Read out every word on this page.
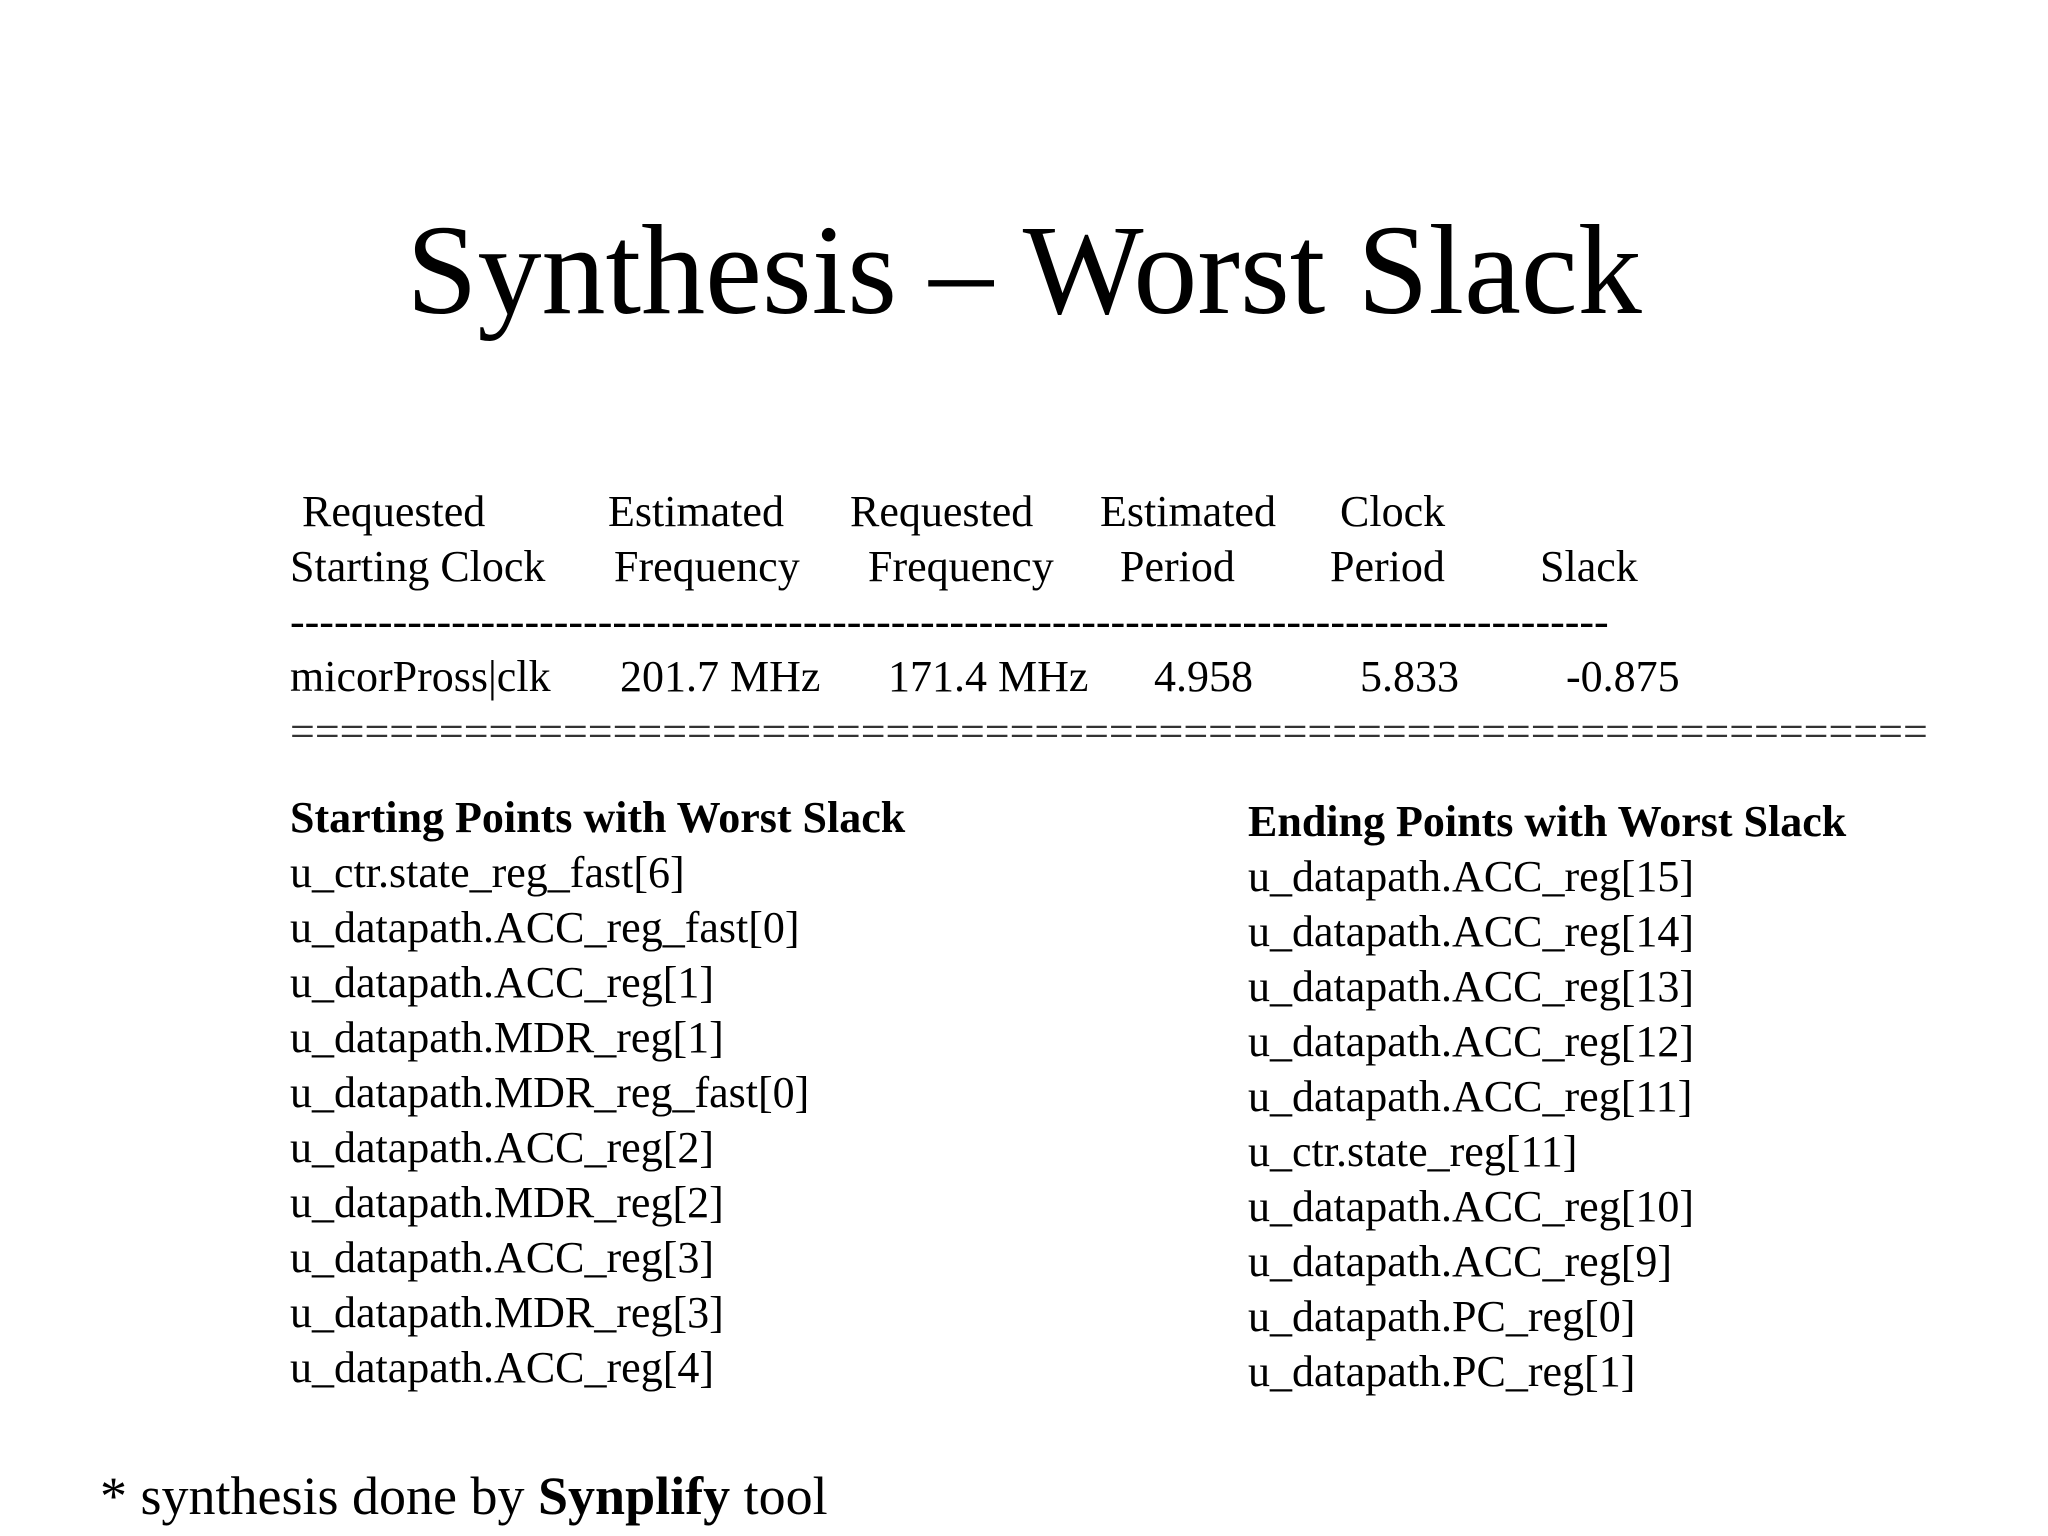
Synthesis – Worst Slack
Requested	Estimated Requested Estimated Clock
Starting Clock Frequency Frequency Period Period Slack
------------------------------------------------------------------------------------------
micorPross|clk 201.7 MHz 171.4 MHz 4.958 5.833 -0.875
==================================================================
Starting Points with Worst Slack
u_ctr.state_reg_fast[6]
u_datapath.ACC_reg_fast[0]
u_datapath.ACC_reg[1]
u_datapath.MDR_reg[1]
u_datapath.MDR_reg_fast[0]
u_datapath.ACC_reg[2]
u_datapath.MDR_reg[2]
u_datapath.ACC_reg[3]
u_datapath.MDR_reg[3]
u_datapath.ACC_reg[4]
Ending Points with Worst Slack
u_datapath.ACC_reg[15]
u_datapath.ACC_reg[14]
u_datapath.ACC_reg[13]
u_datapath.ACC_reg[12]
u_datapath.ACC_reg[11]
u_ctr.state_reg[11]
u_datapath.ACC_reg[10]
u_datapath.ACC_reg[9]
u_datapath.PC_reg[0]
u_datapath.PC_reg[1]
* synthesis done by Synplify tool
